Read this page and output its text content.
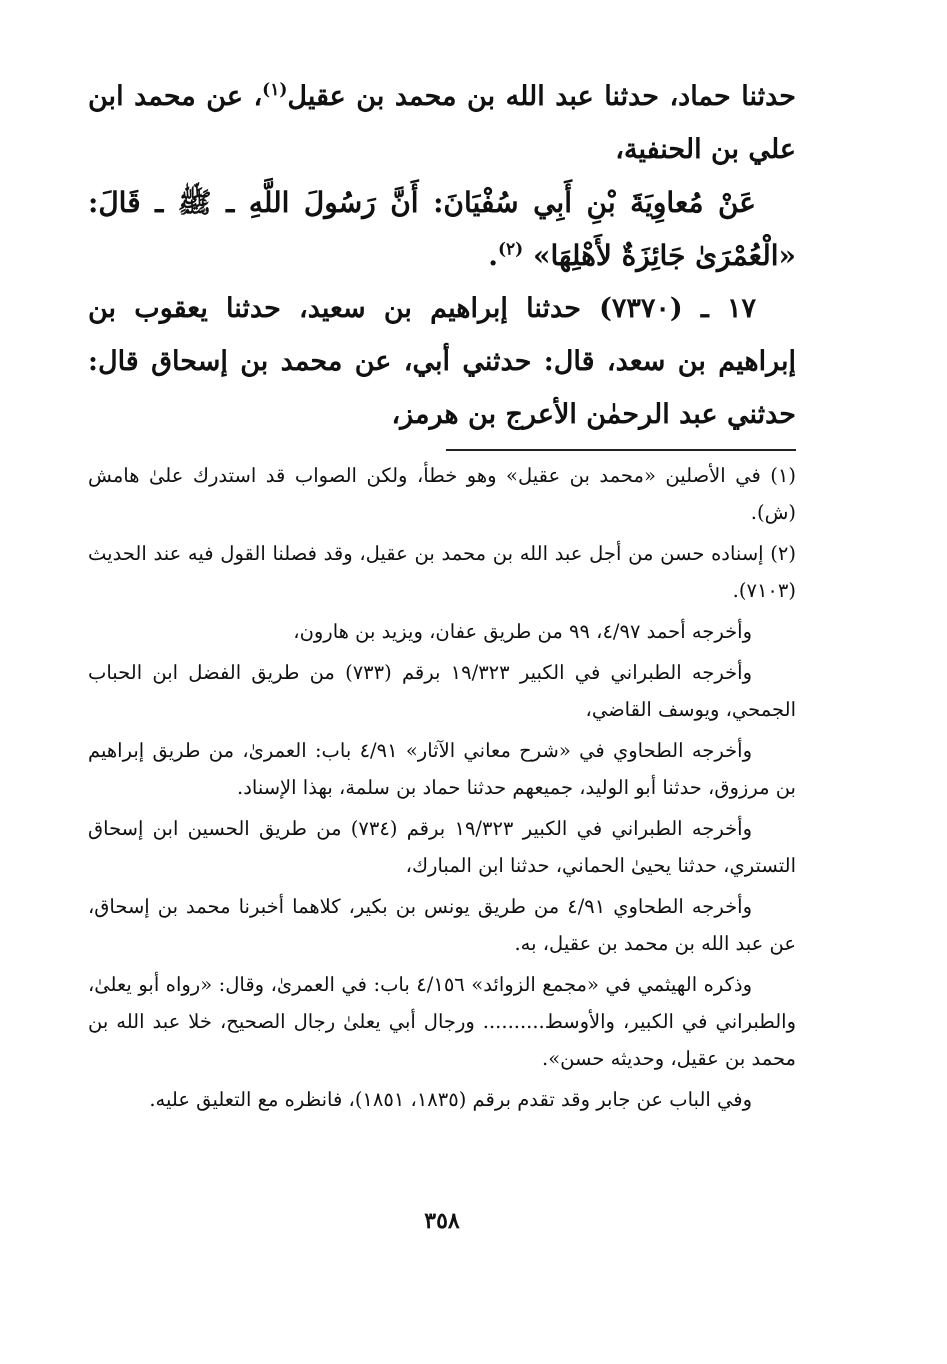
حدثنا حماد، حدثنا عبد الله بن محمد بن عقيل$^{(١)}$، عن محمد ابن علي بن الحنفية،

عَنْ مُعاوِيَةَ بْنِ أَبِي سُفْيَانَ: أَنَّ رَسُولَ اللَّهِ ـ ﷺ ـ قَالَ: «الْعُمْرَىٰ جَائِزَةٌ لأَهْلِهَا» $^{(٢)}$.

١٧ ـ (٧٣٧٠) حدثنا إبراهيم بن سعيد، حدثنا يعقوب بن إبراهيم بن سعد، قال: حدثني أبي، عن محمد بن إسحاق قال: حدثني عبد الرحمٰن الأعرج بن هرمز،

(١) في الأصلين «محمد بن عقيل» وهو خطأ، ولكن الصواب قد استدرك علىٰ هامش (ش).

(٢) إسناده حسن من أجل عبد الله بن محمد بن عقيل، وقد فصلنا القول فيه عند الحديث (٧١٠٣).

وأخرجه أحمد ٤/٩٧، ٩٩ من طريق عفان، ويزيد بن هارون،

وأخرجه الطبراني في الكبير ١٩/٣٢٣ برقم (٧٣٣) من طريق الفضل ابن الحباب الجمحي، ويوسف القاضي،

وأخرجه الطحاوي في «شرح معاني الآثار» ٤/٩١ باب: العمرىٰ، من طريق إبراهيم بن مرزوق، حدثنا أبو الوليد، جميعهم حدثنا حماد بن سلمة، بهذا الإسناد.

وأخرجه الطبراني في الكبير ١٩/٣٢٣ برقم (٧٣٤) من طريق الحسين ابن إسحاق التستري، حدثنا يحيىٰ الحماني، حدثنا ابن المبارك،

وأخرجه الطحاوي ٤/٩١ من طريق يونس بن بكير، كلاهما أخبرنا محمد بن إسحاق، عن عبد الله بن محمد بن عقيل، به.

وذكره الهيثمي في «مجمع الزوائد» ٤/١٥٦ باب: في العمرىٰ، وقال: «رواه أبو يعلىٰ، والطبراني في الكبير، والأوسط.......... ورجال أبي يعلىٰ رجال الصحيح، خلا عبد الله بن محمد بن عقيل، وحديثه حسن».

وفي الباب عن جابر وقد تقدم برقم (١٨٣٥، ١٨٥١)، فانظره مع التعليق عليه.

٣٥٨
